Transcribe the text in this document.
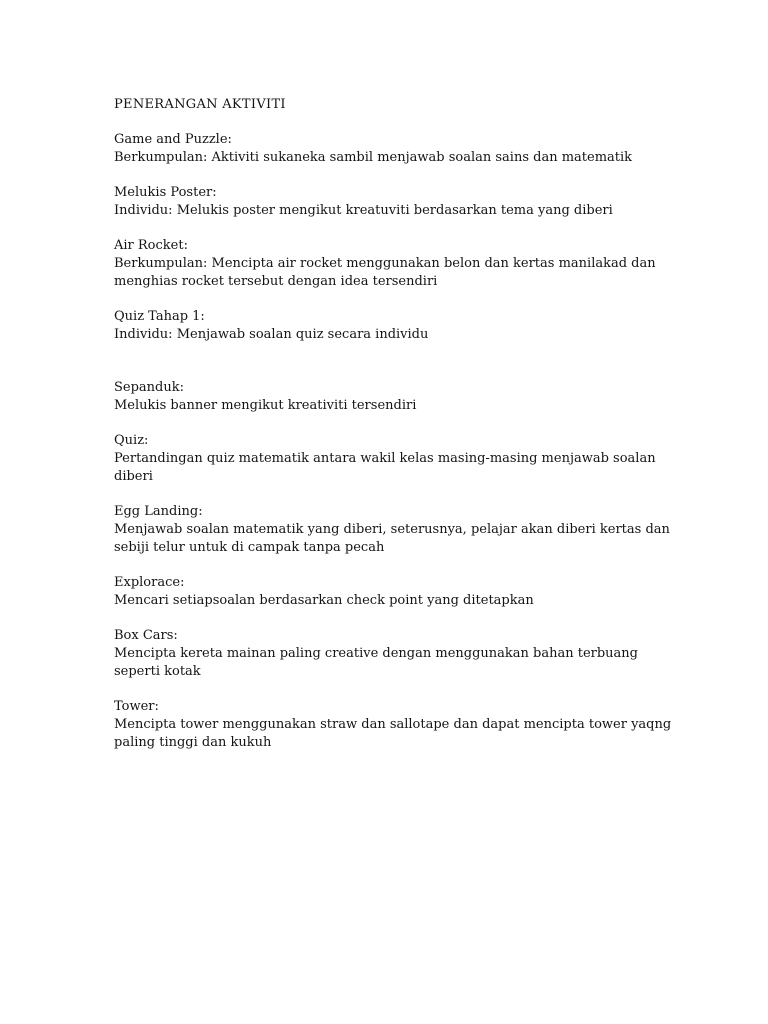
PENERANGAN AKTIVITI

Game and Puzzle:

Berkumpulan: Aktiviti sukaneka sambil menjawab soalan sains dan matematik

Melukis Poster:

Individu: Melukis poster mengikut kreatuviti berdasarkan tema yang diberi

Air Rocket:

Berkumpulan: Mencipta air rocket menggunakan belon dan kertas manilakad dan menghias rocket tersebut dengan idea tersendiri

Quiz Tahap 1:

Individu: Menjawab soalan quiz secara individu

Sepanduk:

Melukis banner mengikut kreativiti tersendiri

Quiz:

Pertandingan quiz matematik antara wakil kelas masing-masing menjawab soalan diberi

Egg Landing:

Menjawab soalan matematik yang diberi, seterusnya, pelajar akan diberi kertas dan sebiji telur untuk di campak tanpa pecah

Explorace:

Mencari setiapsoalan berdasarkan check point yang ditetapkan

Box Cars:

Mencipta kereta mainan paling creative dengan menggunakan bahan terbuang seperti kotak

Tower:

Mencipta tower menggunakan straw dan sallotape dan dapat mencipta tower yaqng paling tinggi dan kukuh
